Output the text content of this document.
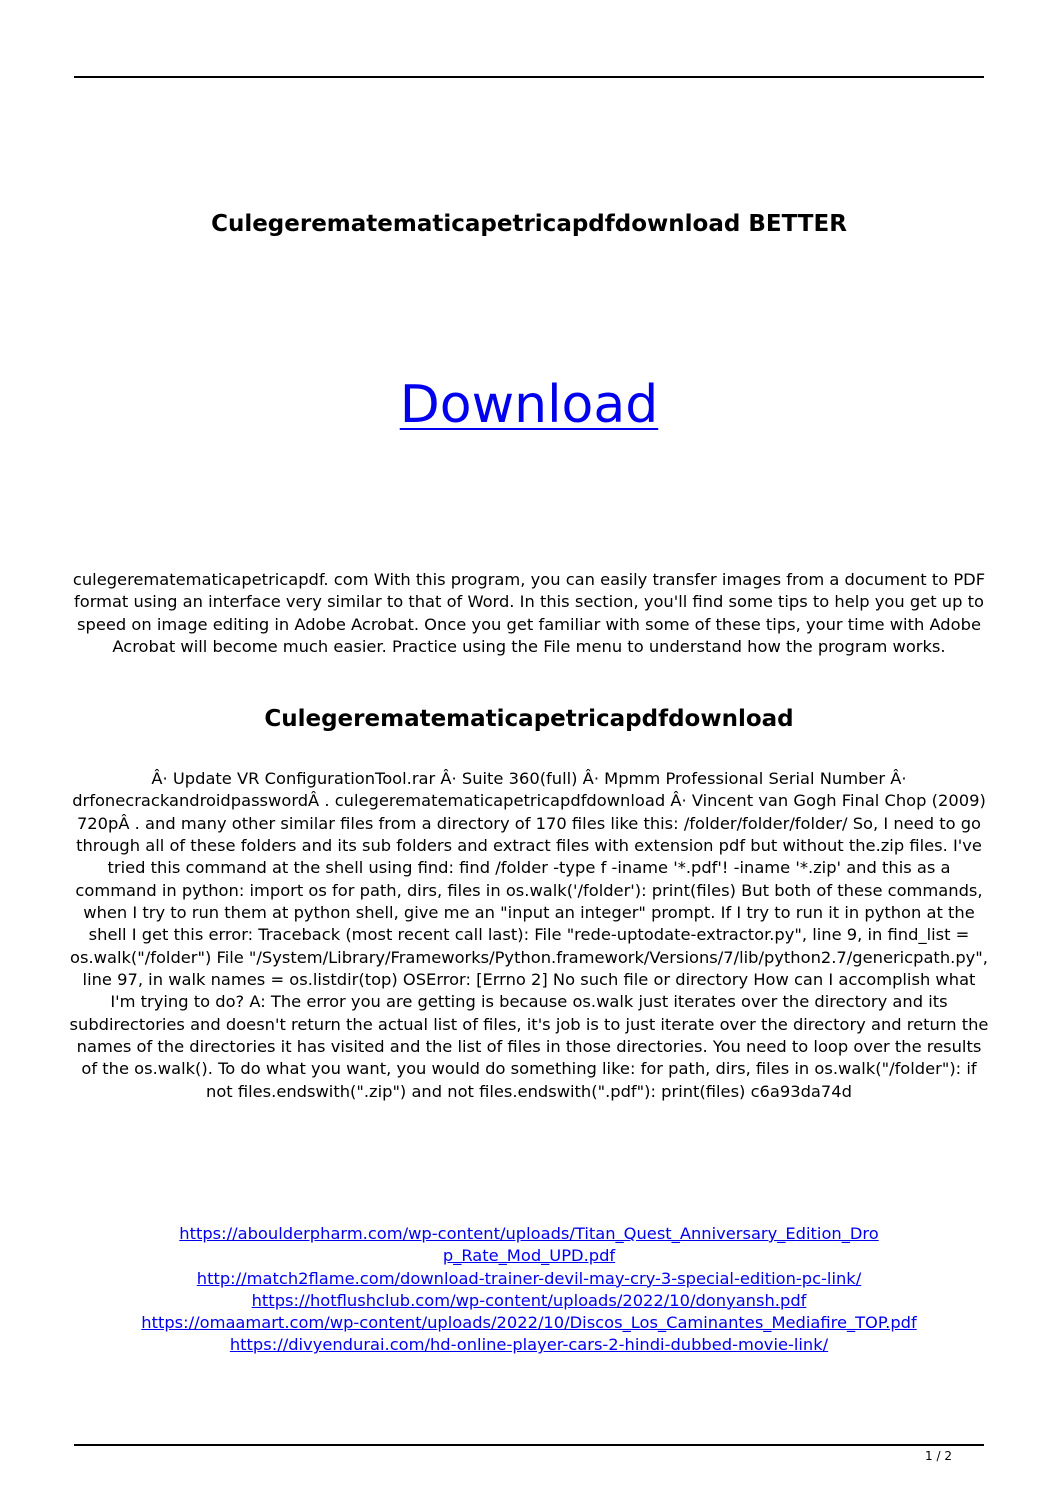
Culegerematematicapetricapdfdownload BETTER
Download

culegerematematicapetricapdf. com With this program, you can easily transfer images from a document to PDF format using an interface very similar to that of Word. In this section, you'll find some tips to help you get up to speed on image editing in Adobe Acrobat. Once you get familiar with some of these tips, your time with Adobe Acrobat will become much easier. Practice using the File menu to understand how the program works.

Culegerematematicapetricapdfdownload

Â· Update VR ConfigurationTool.rar Â· Suite 360(full) Â· Mpmm Professional Serial Number Â· drfonecrackandroidpasswordÂ . culegerematematicapetricapdfdownload Â· Vincent van Gogh Final Chop (2009) 720pÂ . and many other similar files from a directory of 170 files like this: /folder/folder/folder/ So, I need to go through all of these folders and its sub folders and extract files with extension pdf but without the.zip files. I've tried this command at the shell using find: find /folder -type f -iname '*.pdf'! -iname '*.zip' and this as a command in python: import os for path, dirs, files in os.walk('/folder'): print(files) But both of these commands, when I try to run them at python shell, give me an "input an integer" prompt. If I try to run it in python at the shell I get this error: Traceback (most recent call last): File "rede-uptodate-extractor.py", line 9, in find_list = os.walk("/folder") File "/System/Library/Frameworks/Python.framework/Versions/7/lib/python2.7/genericpath.py", line 97, in walk names = os.listdir(top) OSError: [Errno 2] No such file or directory How can I accomplish what I'm trying to do? A: The error you are getting is because os.walk just iterates over the directory and its subdirectories and doesn't return the actual list of files, it's job is to just iterate over the directory and return the names of the directories it has visited and the list of files in those directories. You need to loop over the results of the os.walk(). To do what you want, you would do something like: for path, dirs, files in os.walk("/folder"): if not files.endswith(".zip") and not files.endswith(".pdf"): print(files) c6a93da74d

https://aboulderpharm.com/wp-content/uploads/Titan_Quest_Anniversary_Edition_Drop_Rate_Mod_UPD.pdf
http://match2flame.com/download-trainer-devil-may-cry-3-special-edition-pc-link/
https://hotflushclub.com/wp-content/uploads/2022/10/donyansh.pdf
https://omaamart.com/wp-content/uploads/2022/10/Discos_Los_Caminantes_Mediafire_TOP.pdf
https://divyendurai.com/hd-online-player-cars-2-hindi-dubbed-movie-link/
1 / 2
